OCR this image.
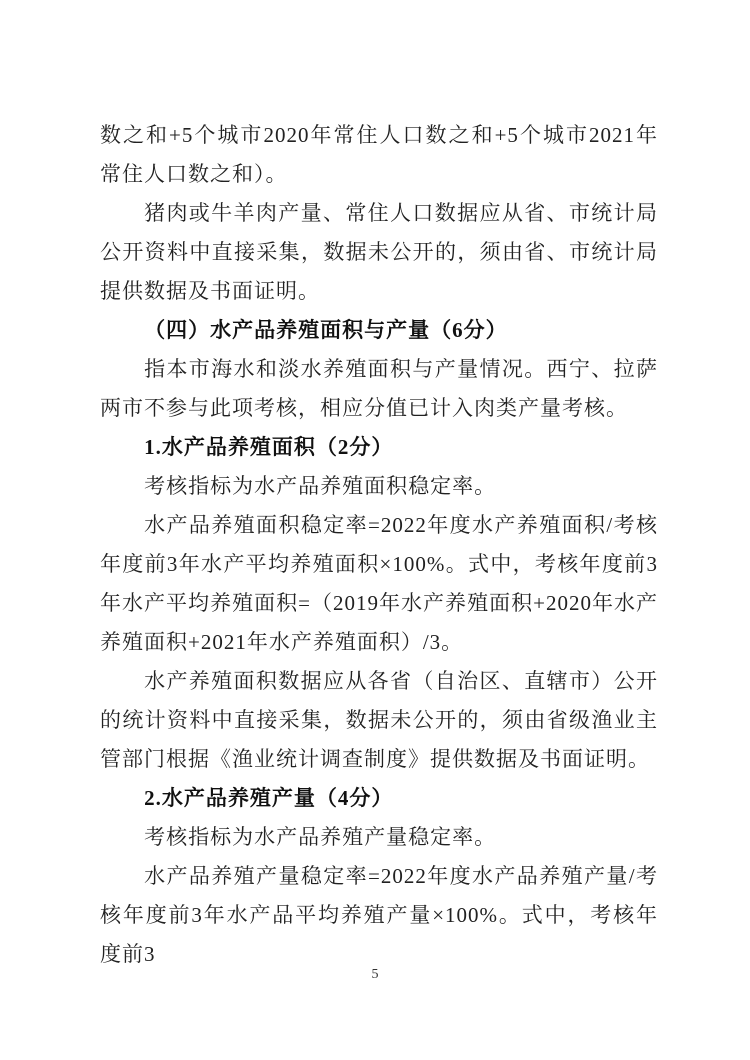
数之和+5个城市2020年常住人口数之和+5个城市2021年常住人口数之和）。

猪肉或牛羊肉产量、常住人口数据应从省、市统计局公开资料中直接采集，数据未公开的，须由省、市统计局提供数据及书面证明。

（四）水产品养殖面积与产量（6分）

指本市海水和淡水养殖面积与产量情况。西宁、拉萨两市不参与此项考核，相应分值已计入肉类产量考核。

1.水产品养殖面积（2分）

考核指标为水产品养殖面积稳定率。

水产品养殖面积稳定率=2022年度水产养殖面积/考核年度前3年水产平均养殖面积×100%。式中，考核年度前3年水产平均养殖面积=（2019年水产养殖面积+2020年水产养殖面积+2021年水产养殖面积）/3。

水产养殖面积数据应从各省（自治区、直辖市）公开的统计资料中直接采集，数据未公开的，须由省级渔业主管部门根据《渔业统计调查制度》提供数据及书面证明。

2.水产品养殖产量（4分）

考核指标为水产品养殖产量稳定率。

水产品养殖产量稳定率=2022年度水产品养殖产量/考核年度前3年水产品平均养殖产量×100%。式中，考核年度前3

5
